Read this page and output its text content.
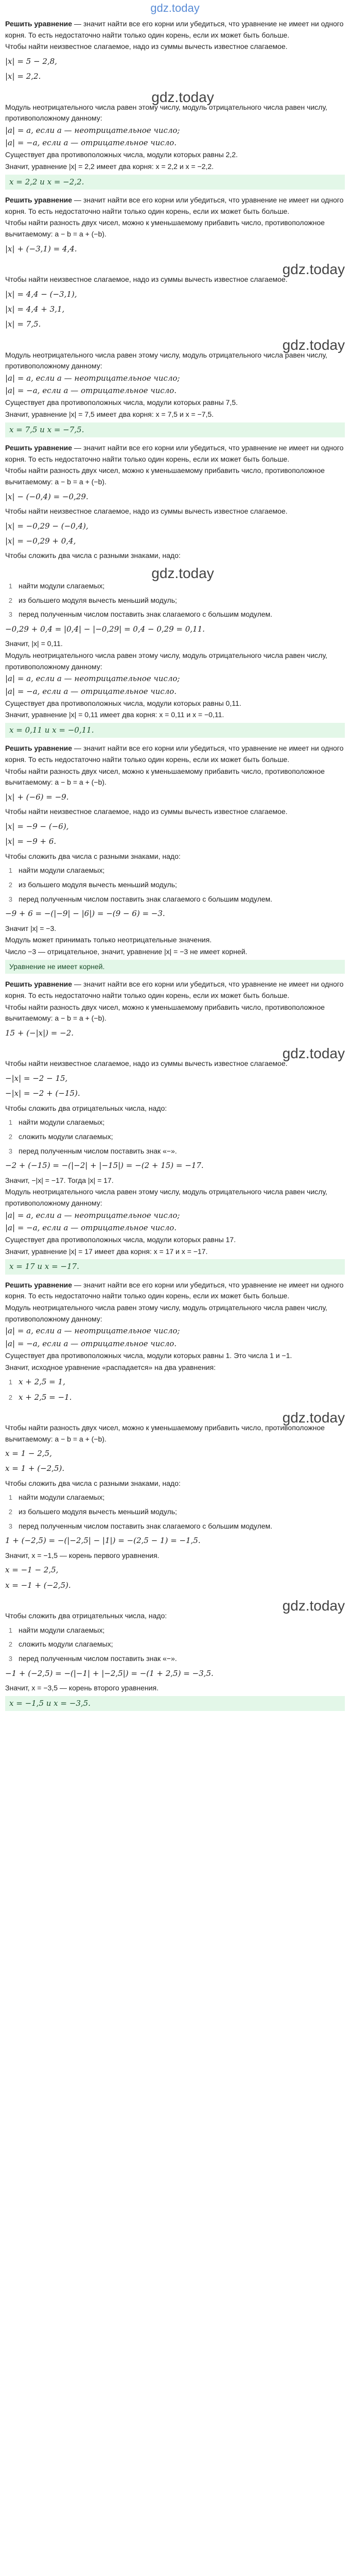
gdz.today

Решить уравнение — значит найти все его корни или убедиться, что уравнение не имеет ни одного корня. То есть недостаточно найти только один корень, если их может быть больше.

Чтобы найти неизвестное слагаемое, надо из суммы вычесть известное слагаемое.
|x| = 5 − 2,8,
|x| = 2,2.
gdz.today
Модуль неотрицательного числа равен этому числу, модуль отрицательного числа равен числу, противоположному данному:
|a| = a, если a — неотрицательное число;
|a| = −a, если a — отрицательное число.
Существует два противоположных числа, модули которых равны 2,2.
Значит, уравнение |x| = 2,2 имеет два корня: x = 2,2 и x = −2,2.
x = 2,2 и x = −2,2.

Решить уравнение — значит найти все его корни или убедиться, что уравнение не имеет ни одного корня. То есть недостаточно найти только один корень, если их может быть больше.

Чтобы найти разность двух чисел, можно к уменьшаемому прибавить число, противоположное вычитаемому: a − b = a + (−b).
|x| + (−3,1) = 4,4.
gdz.today
Чтобы найти неизвестное слагаемое, надо из суммы вычесть известное слагаемое.
|x| = 4,4 − (−3,1),
|x| = 4,4 + 3,1,
|x| = 7,5.
gdz.today
Модуль неотрицательного числа равен этому числу, модуль отрицательного числа равен числу, противоположному данному:
|a| = a, если a — неотрицательное число;
|a| = −a, если a — отрицательное число.
Существует два противоположных числа, модули которых равны 7,5.
Значит, уравнение |x| = 7,5 имеет два корня: x = 7,5 и x = −7,5.
x = 7,5 и x = −7,5.

Решить уравнение — значит найти все его корни или убедиться, что уравнение не имеет ни одного корня. То есть недостаточно найти только один корень, если их может быть больше.

Чтобы найти разность двух чисел, можно к уменьшаемому прибавить число, противоположное вычитаемому: a − b = a + (−b).
|x| − (−0,4) = −0,29.
Чтобы найти неизвестное слагаемое, надо из суммы вычесть известное слагаемое.
|x| = −0,29 − (−0,4),
|x| = −0,29 + 0,4,
Чтобы сложить два числа с разными знаками, надо:
gdz.today
1 найти модули слагаемых;
2 из большего модуля вычесть меньший модуль;
3 перед полученным числом поставить знак слагаемого с большим модулем.
−0,29 + 0,4 = |0,4| − |−0,29| = 0,4 − 0,29 = 0,11.
Значит, |x| = 0,11.
Модуль неотрицательного числа равен этому числу, модуль отрицательного числа равен числу, противоположному данному:
|a| = a, если a — неотрицательное число;
|a| = −a, если a — отрицательное число.
Существует два противоположных числа, модули которых равны 0,11.
Значит, уравнение |x| = 0,11 имеет два корня: x = 0,11 и x = −0,11.
x = 0,11 и x = −0,11.

Решить уравнение — значит найти все его корни или убедиться, что уравнение не имеет ни одного корня. То есть недостаточно найти только один корень, если их может быть больше.

Чтобы найти разность двух чисел, можно к уменьшаемому прибавить число, противоположное вычитаемому: a − b = a + (−b).
|x| + (−6) = −9.
Чтобы найти неизвестное слагаемое, надо из суммы вычесть известное слагаемое.
|x| = −9 − (−6),
|x| = −9 + 6.
Чтобы сложить два числа с разными знаками, надо:
1 найти модули слагаемых;
2 из большего модуля вычесть меньший модуль;
3 перед полученным числом поставить знак слагаемого с большим модулем.
−9 + 6 = −(|−9| − |6|) = −(9 − 6) = −3.
Значит |x| = −3.
Модуль может принимать только неотрицательные значения.
Число −3 — отрицательное, значит, уравнение |x| = −3 не имеет корней.
Уравнение не имеет корней.

Решить уравнение — значит найти все его корни или убедиться, что уравнение не имеет ни одного корня. То есть недостаточно найти только один корень, если их может быть больше.

Чтобы найти разность двух чисел, можно к уменьшаемому прибавить число, противоположное вычитаемому: a − b = a + (−b).
15 + (−|x|) = −2.
gdz.today
Чтобы найти неизвестное слагаемое, надо из суммы вычесть известное слагаемое.
−|x| = −2 − 15,
−|x| = −2 + (−15).
Чтобы сложить два отрицательных числа, надо:
1 найти модули слагаемых;
2 сложить модули слагаемых;
3 перед полученным числом поставить знак «−».
−2 + (−15) = −(|−2| + |−15|) = −(2 + 15) = −17.
Значит, −|x| = −17. Тогда |x| = 17.
Модуль неотрицательного числа равен этому числу, модуль отрицательного числа равен числу, противоположному данному:
|a| = a, если a — неотрицательное число;
|a| = −a, если a — отрицательное число.
Существует два противоположных числа, модули которых равны 17.
Значит, уравнение |x| = 17 имеет два корня: x = 17 и x = −17.
x = 17 и x = −17.

Решить уравнение — значит найти все его корни или убедиться, что уравнение не имеет ни одного корня. То есть недостаточно найти только один корень, если их может быть больше.

Модуль неотрицательного числа равен этому числу, модуль отрицательного числа равен числу, противоположному данному:
|a| = a, если a — неотрицательное число;
|a| = −a, если a — отрицательное число.
Существует два противоположных числа, модули которых равны 1. Это числа 1 и −1.
Значит, исходное уравнение «распадается» на два уравнения:
1 x + 2,5 = 1,
2 x + 2,5 = −1.
gdz.today
Чтобы найти разность двух чисел, можно к уменьшаемому прибавить число, противоположное вычитаемому: a − b = a + (−b).
x = 1 − 2,5,
x = 1 + (−2,5).
Чтобы сложить два числа с разными знаками, надо:
1 найти модули слагаемых;
2 из большего модуля вычесть меньший модуль;
3 перед полученным числом поставить знак слагаемого с большим модулем.
1 + (−2,5) = −(|−2,5| − |1|) = −(2,5 − 1) = −1,5.
Значит, x = −1,5 — корень первого уравнения.
x = −1 − 2,5,
x = −1 + (−2,5).
gdz.today
Чтобы сложить два отрицательных числа, надо:
1 найти модули слагаемых;
2 сложить модули слагаемых;
3 перед полученным числом поставить знак «−».
−1 + (−2,5) = −(|−1| + |−2,5|) = −(1 + 2,5) = −3,5.
Значит, x = −3,5 — корень второго уравнения.
x = −1,5 и x = −3,5.
